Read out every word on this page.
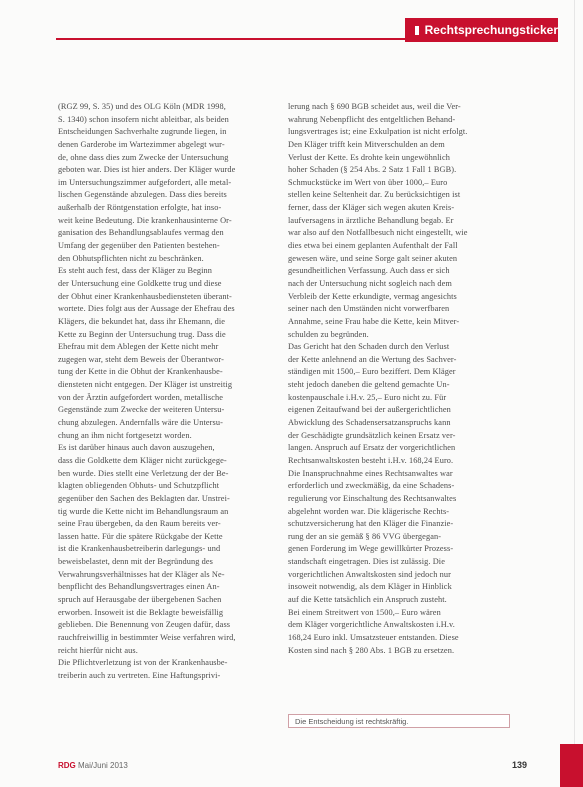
Rechtsprechungsticker
(RGZ 99, S. 35) und des OLG Köln (MDR 1998,
S. 1340) schon insofern nicht ableitbar, als beiden
Entscheidungen Sachverhalte zugrunde liegen, in
denen Garderobe im Wartezimmer abgelegt wur-
de, ohne dass dies zum Zwecke der Untersuchung
geboten war. Dies ist hier anders. Der Kläger wurde
im Untersuchungszimmer aufgefordert, alle metal-
lischen Gegenstände abzulegen. Dass dies bereits
außerhalb der Röntgenstation erfolgte, hat inso-
weit keine Bedeutung. Die krankenhausinterne Or-
ganisation des Behandlungsablaufes vermag den
Umfang der gegenüber den Patienten bestehen-
den Obhutspflichten nicht zu beschränken.
Es steht auch fest, dass der Kläger zu Beginn
der Untersuchung eine Goldkette trug und diese
der Obhut einer Krankenhausbediensteten überant-
wortete. Dies folgt aus der Aussage der Ehefrau des
Klägers, die bekundet hat, dass ihr Ehemann, die
Kette zu Beginn der Untersuchung trug. Dass die
Ehefrau mit dem Ablegen der Kette nicht mehr
zugegen war, steht dem Beweis der Überantwor-
tung der Kette in die Obhut der Krankenhausbe-
diensteten nicht entgegen. Der Kläger ist unstreitig
von der Ärztin aufgefordert worden, metallische
Gegenstände zum Zwecke der weiteren Untersu-
chung abzulegen. Andernfalls wäre die Untersu-
chung an ihm nicht fortgesetzt worden.
Es ist darüber hinaus auch davon auszugehen,
dass die Goldkette dem Kläger nicht zurückgege-
ben wurde. Dies stellt eine Verletzung der der Be-
klagten obliegenden Obhuts- und Schutzpflicht
gegenüber den Sachen des Beklagten dar. Unstrei-
tig wurde die Kette nicht im Behandlungsraum an
seine Frau übergeben, da den Raum bereits ver-
lassen hatte. Für die spätere Rückgabe der Kette
ist die Krankenhausbetreiberin darlegungs- und
beweisbelastet, denn mit der Begründung des
Verwahrungsverhältnisses hat der Kläger als Ne-
benpflicht des Behandlungsvertrages einen An-
spruch auf Herausgabe der übergebenen Sachen
erworben. Insoweit ist die Beklagte beweisfällig
geblieben. Die Benennung von Zeugen dafür, dass
rauchfreiwillig in bestimmter Weise verfahren wird,
reicht hierfür nicht aus.
Die Pflichtverletzung ist von der Krankenhausbe-
treiberin auch zu vertreten. Eine Haftungsprivi-
lerung nach § 690 BGB scheidet aus, weil die Ver-
wahrung Nebenpflicht des entgeltlichen Behand-
lungsvertrages ist; eine Exkulpation ist nicht erfolgt.
Den Kläger trifft kein Mitverschulden an dem
Verlust der Kette. Es drohte kein ungewöhnlich
hoher Schaden (§ 254 Abs. 2 Satz 1 Fall 1 BGB).
Schmuckstücke im Wert von über 1000,– Euro
stellen keine Seltenheit dar. Zu berücksichtigen ist
ferner, dass der Kläger sich wegen akuten Kreis-
laufversagens in ärztliche Behandlung begab. Er
war also auf den Notfallbesuch nicht eingestellt, wie
dies etwa bei einem geplanten Aufenthalt der Fall
gewesen wäre, und seine Sorge galt seiner akuten
gesundheitlichen Verfassung. Auch dass er sich
nach der Untersuchung nicht sogleich nach dem
Verbleib der Kette erkundigte, vermag angesichts
seiner nach den Umständen nicht vorwerfbaren
Annahme, seine Frau habe die Kette, kein Mitver-
schulden zu begründen.
Das Gericht hat den Schaden durch den Verlust
der Kette anlehnend an die Wertung des Sachver-
ständigen mit 1500,– Euro beziffert. Dem Kläger
steht jedoch daneben die geltend gemachte Un-
kostenpauschale i.H.v. 25,– Euro nicht zu. Für
eigenen Zeitaufwand bei der außergerichtlichen
Abwicklung des Schadensersatzanspruchs kann
der Geschädigte grundsätzlich keinen Ersatz ver-
langen. Anspruch auf Ersatz der vorgerichtlichen
Rechtsanwaltskosten besteht i.H.v. 168,24 Euro.
Die Inanspruchnahme eines Rechtsanwaltes war
erforderlich und zweckmäßig, da eine Schadens-
regulierung vor Einschaltung des Rechtsanwaltes
abgelehnt worden war. Die klägerische Rechts-
schutzversicherung hat den Kläger die Finanzie-
rung der an sie gemäß § 86 VVG übergegan-
genen Forderung im Wege gewillkürter Prozess-
standschaft eingetragen. Dies ist zulässig. Die
vorgerichtlichen Anwaltskosten sind jedoch nur
insoweit notwendig, als dem Kläger in Hinblick
auf die Kette tatsächlich ein Anspruch zusteht.
Bei einem Streitwert von 1500,– Euro wären
dem Kläger vorgerichtliche Anwaltskosten i.H.v.
168,24 Euro inkl. Umsatzsteuer entstanden. Diese
Kosten sind nach § 280 Abs. 1 BGB zu ersetzen.
Die Entscheidung ist rechtskräftig.
RDG Mai/Juni 2013	139
